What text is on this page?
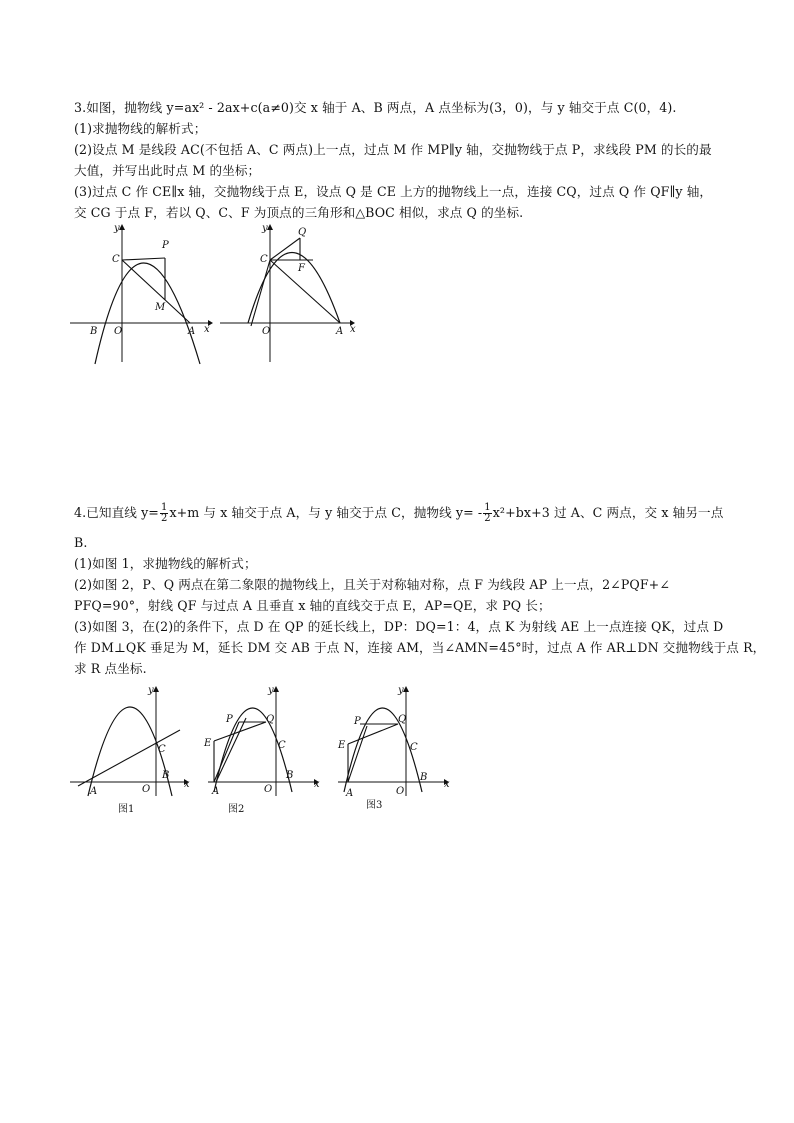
3.如图，抛物线 y=ax² - 2ax+c(a≠0)交 x 轴于 A、B 两点，A 点坐标为(3，0)，与 y 轴交于点 C(0，4).
(1)求抛物线的解析式；
(2)设点 M 是线段 AC(不包括 A、C 两点)上一点，过点 M 作 MP∥y 轴，交抛物线于点 P，求线段 PM 的长的最
大值，并写出此时点 M 的坐标；
(3)过点 C 作 CE∥x 轴，交抛物线于点 E，设点 Q 是 CE 上方的抛物线上一点，连接 CQ，过点 Q 作 QF∥y 轴，
交 CG 于点 F，若以 Q、C、F 为顶点的三角形和△BOC 相似，求点 Q 的坐标.
y
x
C
P
M
B O	A
y
x
C
Q
F
O	A
4.已知直线 $y= \frac{1}{2} x+m$ 与 x 轴交于点 A，与 y 轴交于点 C，抛物线 $y= - \frac{1}{2} x^2+bx+3$ 过 A、C 两点，交 x 轴另一点
B.
(1)如图 1，求抛物线的解析式；
(2)如图 2，P、Q 两点在第二象限的抛物线上，且关于对称轴对称，点 F 为线段 AP 上一点，2∠PQF+∠
PFQ=90°，射线 QF 与过点 A 且垂直 x 轴的直线交于点 E，AP=QE，求 PQ 长；
(3)如图 3，在(2)的条件下，点 D 在 QP 的延长线上，DP：DQ=1：4，点 K 为射线 AE 上一点连接 QK，过点 D
作 DM⊥QK 垂足为 M，延长 DM 交 AB 于点 N，连接 AM，当∠AMN=45°时，过点 A 作 AR⊥DN 交抛物线于点 R，
求 R 点坐标.
y
x
C
B
A	O
图1
y
x
P	Q
E	C
B
A	O
图2
y
x
P	Q
E	C
B
A	O
图3
